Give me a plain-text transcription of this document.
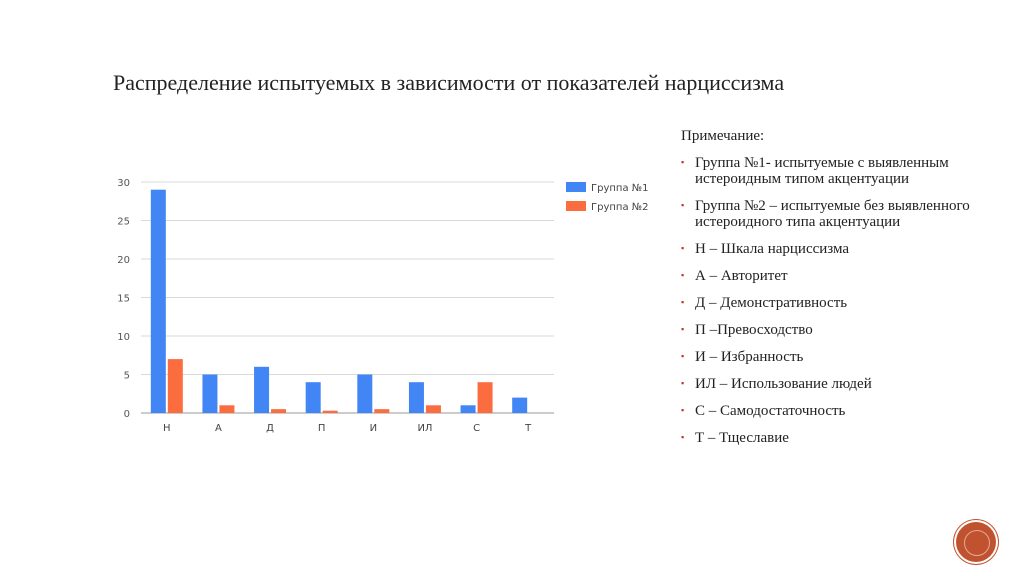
Распределение испытуемых в зависимости от показателей нарциссизма
0
5
10
15
20
25
30
Н	А	Д	П	И	ИЛ	С	Т
Группа №1
Группа №2
Примечание:
▪ Группа №1- испытуемые с выявленным истероидным типом акцентуации
▪ Группа №2 – испытуемые без выявленного истероидного типа акцентуации
▪ Н – Шкала нарциссизма
▪ А – Авторитет
▪ Д – Демонстративность
▪ П –Превосходство
▪ И – Избранность
▪ ИЛ – Использование людей
▪ С – Самодостаточность
▪ Т – Тщеславие
